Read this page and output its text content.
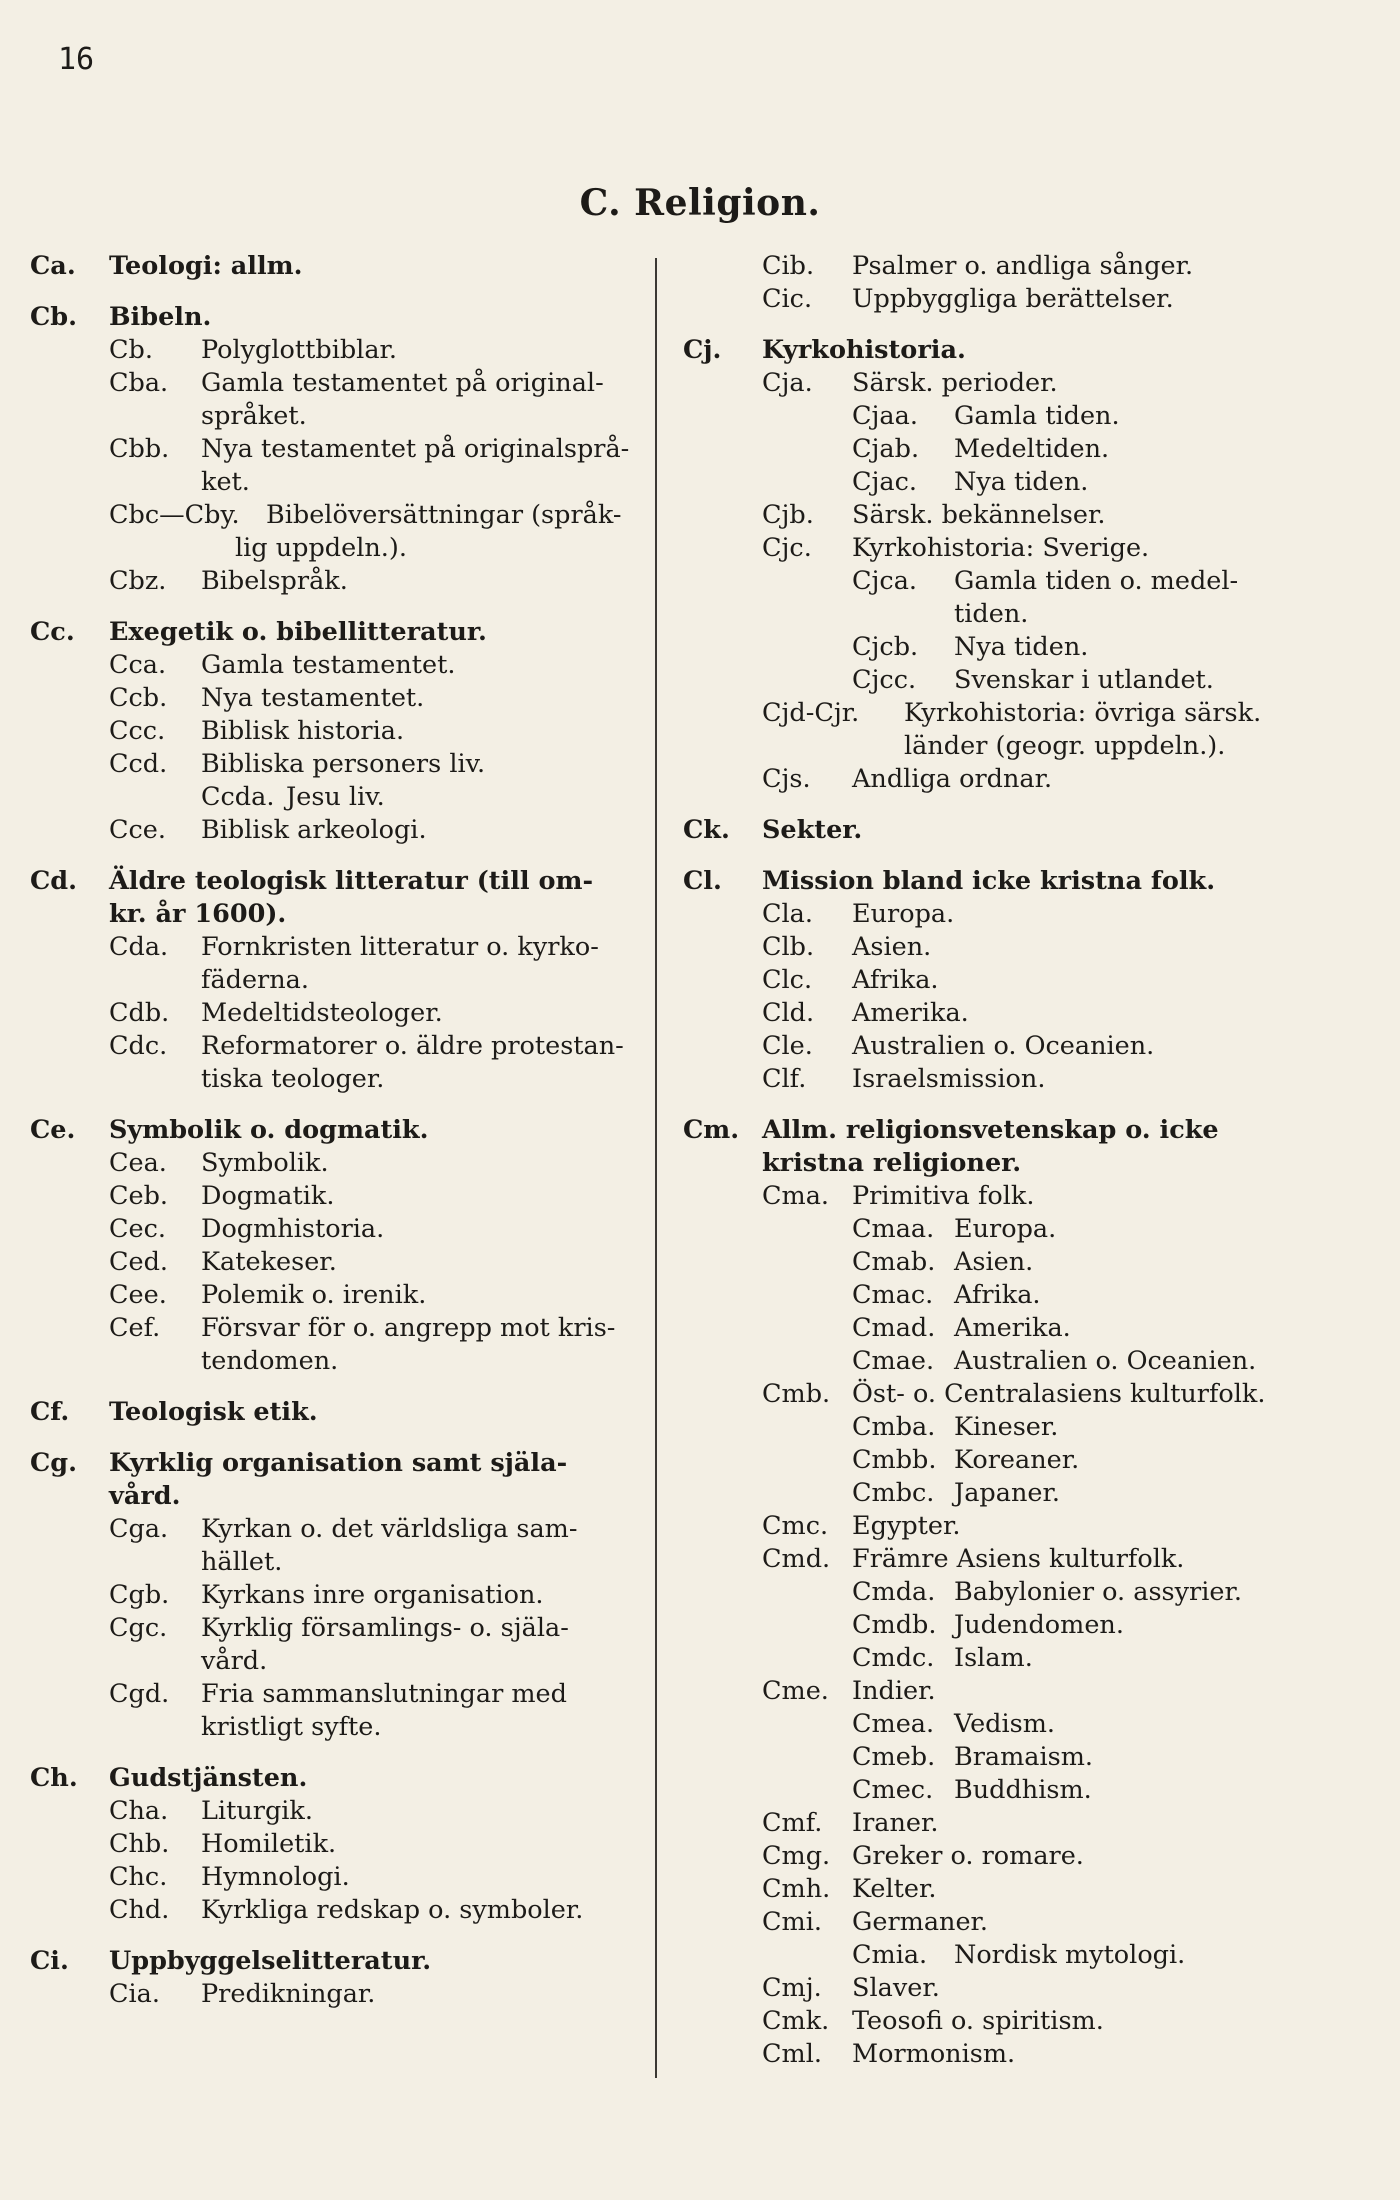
16
C. Religion.
Ca.	Teologi: allm.
Cb.	Bibeln.
Cb.	Polyglottbiblar.
Cba.	Gamla testamentet på original-
språket.
Cbb.	Nya testamentet på originalsprå-
ket.
Cbc—Cby.	Bibelöversättningar (språk-
lig uppdeln.).
Cbz.	Bibelspråk.
Cc.	Exegetik o. bibellitteratur.
Cca.	Gamla testamentet.
Ccb.	Nya testamentet.
Ccc.	Biblisk historia.
Ccd.	Bibliska personers liv.
Ccda. Jesu liv.
Cce.	Biblisk arkeologi.
Cd.	Äldre teologisk litteratur (till om-
kr. år 1600).
Cda.	Fornkristen litteratur o. kyrko-
fäderna.
Cdb.	Medeltidsteologer.
Cdc.	Reformatorer o. äldre protestan-
tiska teologer.
Ce.	Symbolik o. dogmatik.
Cea.	Symbolik.
Ceb.	Dogmatik.
Cec.	Dogmhistoria.
Ced.	Katekeser.
Cee.	Polemik o. irenik.
Cef.	Försvar för o. angrepp mot kris-
tendomen.
Cf.	Teologisk etik.
Cg.	Kyrklig organisation samt själa-
vård.
Cga.	Kyrkan o. det världsliga sam-
hället.
Cgb.	Kyrkans inre organisation.
Cgc.	Kyrklig församlings- o. själa-
vård.
Cgd.	Fria sammanslutningar med
kristligt syfte.
Ch.	Gudstjänsten.
Cha.	Liturgik.
Chb.	Homiletik.
Chc.	Hymnologi.
Chd.	Kyrkliga redskap o. symboler.
Ci.	Uppbyggelselitteratur.
Cia.	Predikningar.
Cib.	Psalmer o. andliga sånger.
Cic.	Uppbyggliga berättelser.
Cj.	Kyrkohistoria.
Cja.	Särsk. perioder.
Cjaa.	Gamla tiden.
Cjab.	Medeltiden.
Cjac.	Nya tiden.
Cjb.	Särsk. bekännelser.
Cjc.	Kyrkohistoria: Sverige.
Cjca.	Gamla tiden o. medel-
tiden.
Cjcb.	Nya tiden.
Cjcc.	Svenskar i utlandet.
Cjd-Cjr.	Kyrkohistoria: övriga särsk.
länder (geogr. uppdeln.).
Cjs.	Andliga ordnar.
Ck.	Sekter.
Cl.	Mission bland icke kristna folk.
Cla.	Europa.
Clb.	Asien.
Clc.	Afrika.
Cld.	Amerika.
Cle.	Australien o. Oceanien.
Clf.	Israelsmission.
Cm. Allm. religionsvetenskap o. icke
kristna religioner.
Cma. Primitiva folk.
Cmaa. Europa.
Cmab. Asien.
Cmac. Afrika.
Cmad. Amerika.
Cmae. Australien o. Oceanien.
Cmb. Öst- o. Centralasiens kulturfolk.
Cmba. Kineser.
Cmbb. Koreaner.
Cmbc. Japaner.
Cmc. Egypter.
Cmd. Främre Asiens kulturfolk.
Cmda. Babylonier o. assyrier.
Cmdb. Judendomen.
Cmdc. Islam.
Cme. Indier.
Cmea. Vedism.
Cmeb. Bramaism.
Cmec. Buddhism.
Cmf.	Iraner.
Cmg. Greker o. romare.
Cmh. Kelter.
Cmi.	Germaner.
Cmia.	Nordisk mytologi.
Cmj.	Slaver.
Cmk. Teosofi o. spiritism.
Cml.	Mormonism.
